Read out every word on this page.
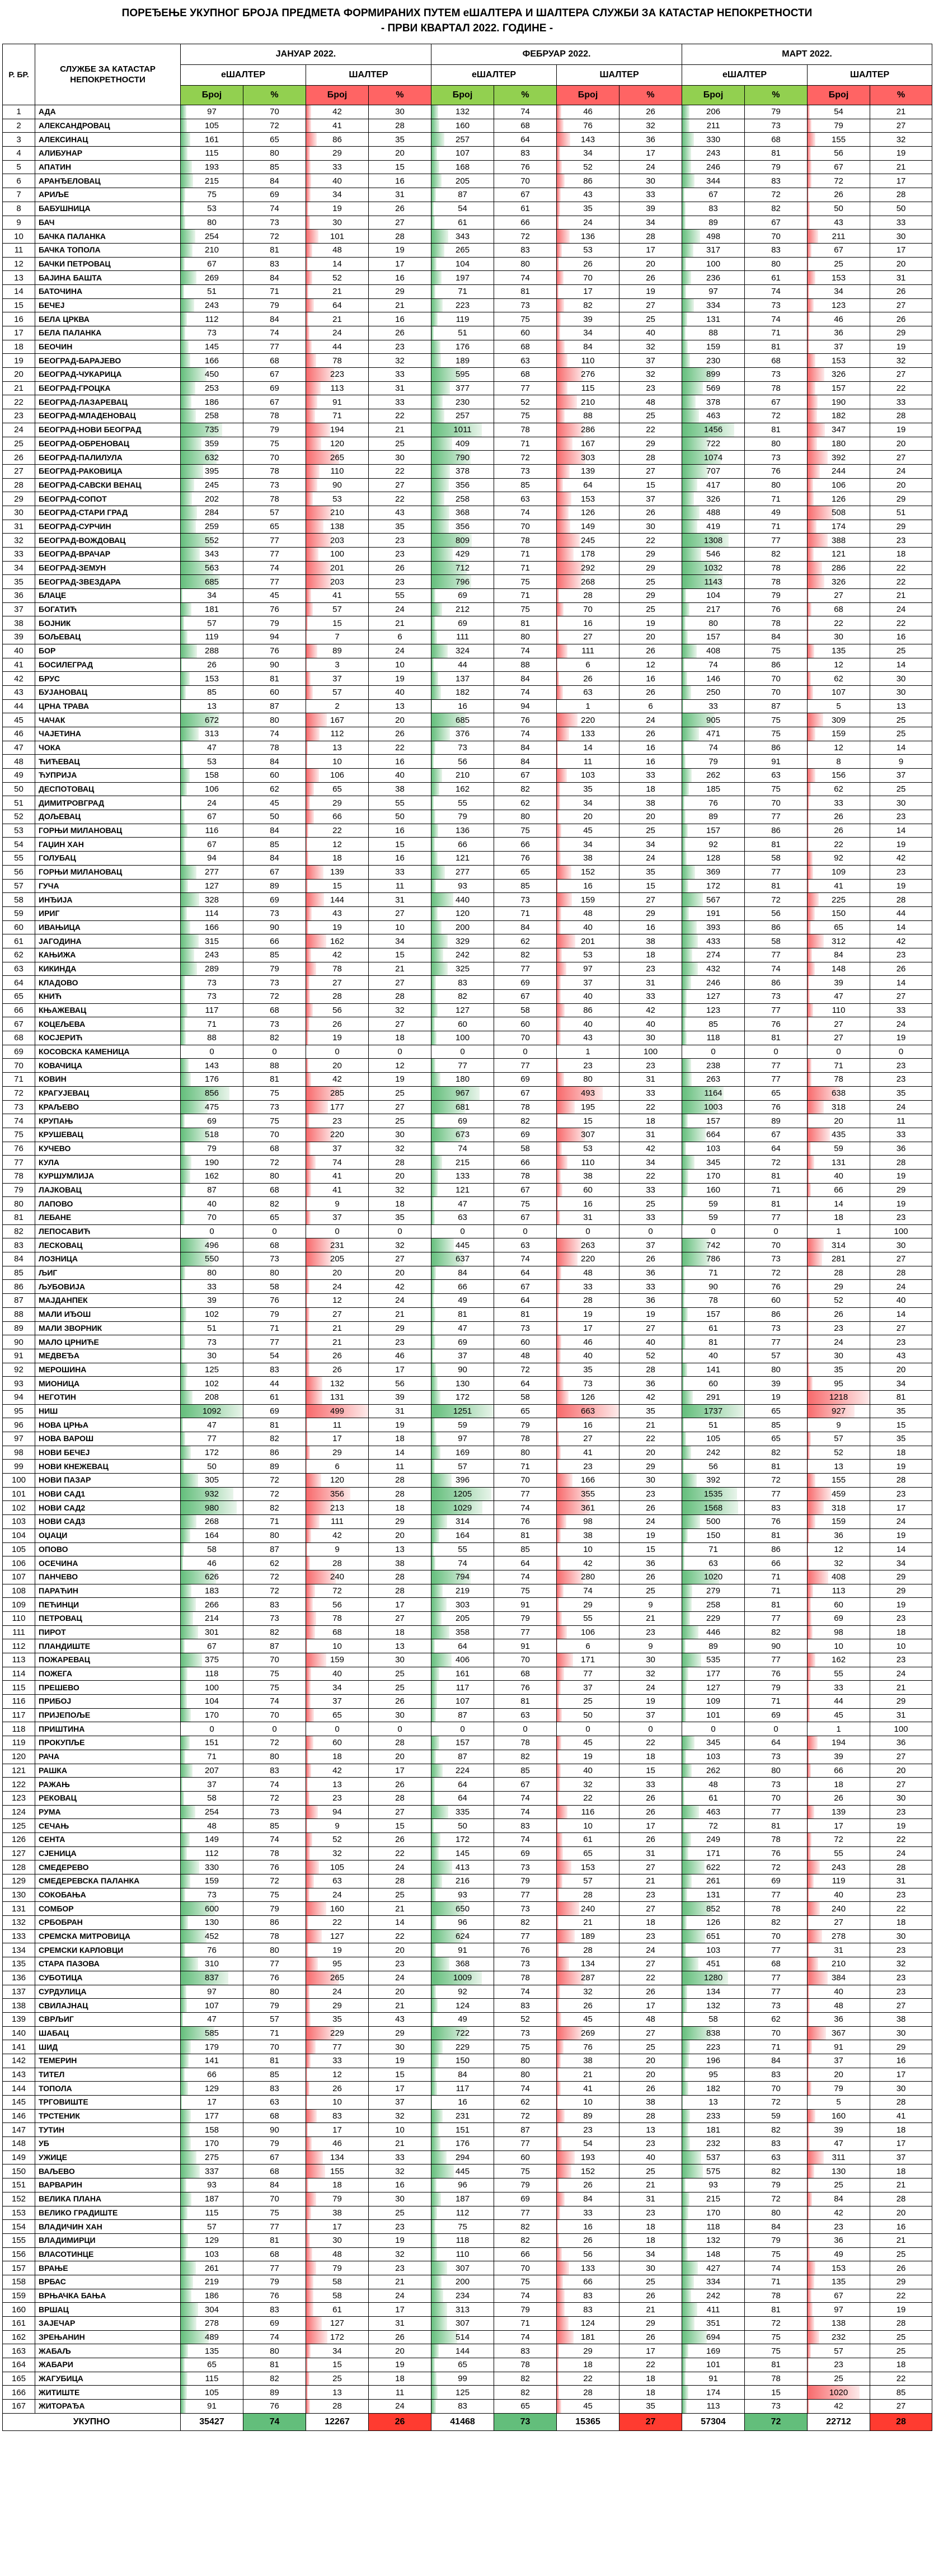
ПОРЕЂЕЊЕ УКУПНОГ БРОЈА ПРЕДМЕТА ФОРМИРАНИХ ПУТЕМ еШАЛТЕРА И ШАЛТЕРА СЛУЖБИ ЗА КАТАСТАР НЕПОКРЕТНОСТИ
- ПРВИ КВАРТАЛ 2022. ГОДИНЕ -
Р. БР.	СЛУЖБЕ ЗА КАТАСТАР НЕПОКРЕТНОСТИ	ЈАНУАР 2022.				ФЕБРУАР 2022.				МАРТ 2022.			
		еШАЛТЕР		ШАЛТЕР		еШАЛТЕР		ШАЛТЕР		еШАЛТЕР		ШАЛТЕР	
		Број	%	Број	%	Број	%	Број	%	Број	%	Број	%
1	АДА	97	70	42	30	132	74	46	26	206	79	54	21
2	АЛЕКСАНДРОВАЦ	105	72	41	28	160	68	76	32	211	73	79	27
3	АЛЕКСИНАЦ	161	65	86	35	257	64	143	36	330	68	155	32
4	АЛИБУНАР	115	80	29	20	107	83	34	17	243	81	56	19
5	АПАТИН	193	85	33	15	168	76	52	24	246	79	67	21
6	АРАНЂЕЛОВАЦ	215	84	40	16	205	70	86	30	344	83	72	17
7	АРИЉЕ	75	69	34	31	87	67	43	33	67	72	26	28
8	БАБУШНИЦА	53	74	19	26	54	61	35	39	83	82	50	50
9	БАЧ	80	73	30	27	61	66	24	34	89	67	43	33
10	БАЧКА ПАЛАНКА	254	72	101	28	343	72	136	28	498	70	211	30
11	БАЧКА ТОПОЛА	210	81	48	19	265	83	53	17	317	83	67	17
12	БАЧКИ ПЕТРОВАЦ	67	83	14	17	104	80	26	20	100	80	25	20
13	БАЈИНА БАШТА	269	84	52	16	197	74	70	26	236	61	153	31
14	БАТОЧИНА	51	71	21	29	71	81	17	19	97	74	34	26
15	БЕЧЕЈ	243	79	64	21	223	73	82	27	334	73	123	27
16	БЕЛА ЦРКВА	112	84	21	16	119	75	39	25	131	74	46	26
17	БЕЛА ПАЛАНКА	73	74	24	26	51	60	34	40	88	71	36	29
18	БЕОЧИН	145	77	44	23	176	68	84	32	159	81	37	19
19	БЕОГРАД-БАРАЈЕВО	166	68	78	32	189	63	110	37	230	68	153	32
20	БЕОГРАД-ЧУКАРИЦА	450	67	223	33	595	68	276	32	899	73	326	27
21	БЕОГРАД-ГРОЦКА	253	69	113	31	377	77	115	23	569	78	157	22
22	БЕОГРАД-ЛАЗАРЕВАЦ	186	67	91	33	230	52	210	48	378	67	190	33
23	БЕОГРАД-МЛАДЕНОВАЦ	258	78	71	22	257	75	88	25	463	72	182	28
24	БЕОГРАД-НОВИ БЕОГРАД	735	79	194	21	1011	78	286	22	1456	81	347	19
25	БЕОГРАД-ОБРЕНОВАЦ	359	75	120	25	409	71	167	29	722	80	180	20
26	БЕОГРАД-ПАЛИЛУЛА	632	70	265	30	790	72	303	28	1074	73	392	27
27	БЕОГРАД-РАКОВИЦА	395	78	110	22	378	73	139	27	707	76	244	24
28	БЕОГРАД-САВСКИ ВЕНАЦ	245	73	90	27	356	85	64	15	417	80	106	20
29	БЕОГРАД-СОПОТ	202	78	53	22	258	63	153	37	326	71	126	29
30	БЕОГРАД-СТАРИ ГРАД	284	57	210	43	368	74	126	26	488	49	508	51
31	БЕОГРАД-СУРЧИН	259	65	138	35	356	70	149	30	419	71	174	29
32	БЕОГРАД-ВОЖДОВАЦ	552	77	203	23	809	78	245	22	1308	77	388	23
33	БЕОГРАД-ВРАЧАР	343	77	100	23	429	71	178	29	546	82	121	18
34	БЕОГРАД-ЗЕМУН	563	74	201	26	712	71	292	29	1032	78	286	22
35	БЕОГРАД-ЗВЕЗДАРА	685	77	203	23	796	75	268	25	1143	78	326	22
36	БЛАЦЕ	34	45	41	55	69	71	28	29	104	79	27	21
37	БОГАТИЋ	181	76	57	24	212	75	70	25	217	76	68	24
38	БОЈНИК	57	79	15	21	69	81	16	19	80	78	22	22
39	БОЉЕВАЦ	119	94	7	6	111	80	27	20	157	84	30	16
40	БОР	288	76	89	24	324	74	111	26	408	75	135	25
41	БОСИЛЕГРАД	26	90	3	10	44	88	6	12	74	86	12	14
42	БРУС	153	81	37	19	137	84	26	16	146	70	62	30
43	БУЈАНОВАЦ	85	60	57	40	182	74	63	26	250	70	107	30
44	ЦРНА ТРАВА	13	87	2	13	16	94	1	6	33	87	5	13
45	ЧАЧАК	672	80	167	20	685	76	220	24	905	75	309	25
46	ЧАЈЕТИНА	313	74	112	26	376	74	133	26	471	75	159	25
47	ЧОКА	47	78	13	22	73	84	14	16	74	86	12	14
48	ЋИЋЕВАЦ	53	84	10	16	56	84	11	16	79	91	8	9
49	ЋУПРИЈА	158	60	106	40	210	67	103	33	262	63	156	37
50	ДЕСПОТОВАЦ	106	62	65	38	162	82	35	18	185	75	62	25
51	ДИМИТРОВГРАД	24	45	29	55	55	62	34	38	76	70	33	30
52	ДОЉЕВАЦ	67	50	66	50	79	80	20	20	89	77	26	23
53	ГОРЊИ МИЛАНОВАЦ	116	84	22	16	136	75	45	25	157	86	26	14
54	ГАЏИН ХАН	67	85	12	15	66	66	34	34	92	81	22	19
55	ГОЛУБАЦ	94	84	18	16	121	76	38	24	128	58	92	42
56	ГОРЊИ МИЛАНОВАЦ	277	67	139	33	277	65	152	35	369	77	109	23
57	ГУЧА	127	89	15	11	93	85	16	15	172	81	41	19
58	ИНЂИЈА	328	69	144	31	440	73	159	27	567	72	225	28
59	ИРИГ	114	73	43	27	120	71	48	29	191	56	150	44
60	ИВАЊИЦА	166	90	19	10	200	84	40	16	393	86	65	14
61	ЈАГОДИНА	315	66	162	34	329	62	201	38	433	58	312	42
62	КАЊИЖА	243	85	42	15	242	82	53	18	274	77	84	23
63	КИКИНДА	289	79	78	21	325	77	97	23	432	74	148	26
64	КЛАДОВО	73	73	27	27	83	69	37	31	246	86	39	14
65	КНИЋ	73	72	28	28	82	67	40	33	127	73	47	27
66	КЊАЖЕВАЦ	117	68	56	32	127	58	86	42	123	77	110	33
67	КОЦЕЉЕВА	71	73	26	27	60	60	40	40	85	76	27	24
68	КОСЈЕРИЋ	88	82	19	18	100	70	43	30	118	81	27	19
69	КОСОВСКА КАМЕНИЦА	0	0	0	0	0	0	1	100	0	0	0	0
70	КОВАЧИЦА	143	88	20	12	77	77	23	23	238	77	71	23
71	КОВИН	176	81	42	19	180	69	80	31	263	77	78	23
72	КРАГУЈЕВАЦ	856	75	285	25	967	67	493	33	1164	65	638	35
73	КРАЉЕВО	475	73	177	27	681	78	195	22	1003	76	318	24
74	КРУПАЊ	69	75	23	25	69	82	15	18	157	89	20	11
75	КРУШЕВАЦ	518	70	220	30	673	69	307	31	664	67	435	33
76	КУЧЕВО	79	68	37	32	74	58	53	42	103	64	59	36
77	КУЛА	190	72	74	28	215	66	110	34	345	72	131	28
78	КУРШУМЛИЈА	162	80	41	20	133	78	38	22	170	81	40	19
79	ЛАЈКОВАЦ	87	68	41	32	121	67	60	33	160	71	66	29
80	ЛАПОВО	40	82	9	18	47	75	16	25	59	81	14	19
81	ЛЕБАНЕ	70	65	37	35	63	67	31	33	59	77	18	23
82	ЛЕПОСАВИЋ	0	0	0	0	0	0	0	0	0	0	1	100
83	ЛЕСКОВАЦ	496	68	231	32	445	63	263	37	742	70	314	30
84	ЛОЗНИЦА	550	73	205	27	637	74	220	26	786	73	281	27
85	ЉИГ	80	80	20	20	84	64	48	36	71	72	28	28
86	ЉУБОВИЈА	33	58	24	42	66	67	33	33	90	76	29	24
87	МАЈДАНПЕК	39	76	12	24	49	64	28	36	78	60	52	40
88	МАЛИ ИЂОШ	102	79	27	21	81	81	19	19	157	86	26	14
89	МАЛИ ЗВОРНИК	51	71	21	29	47	73	17	27	61	73	23	27
90	МАЛО ЦРНИЋЕ	73	77	21	23	69	60	46	40	81	77	24	23
91	МЕДВЕЂА	30	54	26	46	37	48	40	52	40	57	30	43
92	МЕРОШИНА	125	83	26	17	90	72	35	28	141	80	35	20
93	МИОНИЦА	102	44	132	56	130	64	73	36	60	39	95	34
94	НЕГОТИН	208	61	131	39	172	58	126	42	291	19	1218	81
95	НИШ	1092	69	499	31	1251	65	663	35	1737	65	927	35
96	НОВА ЦРЊА	47	81	11	19	59	79	16	21	51	85	9	15
97	НОВА ВАРОШ	77	82	17	18	97	78	27	22	105	65	57	35
98	НОВИ БЕЧЕЈ	172	86	29	14	169	80	41	20	242	82	52	18
99	НОВИ КНЕЖЕВАЦ	50	89	6	11	57	71	23	29	56	81	13	19
100	НОВИ ПАЗАР	305	72	120	28	396	70	166	30	392	72	155	28
101	НОВИ САД1	932	72	356	28	1205	77	355	23	1535	77	459	23
102	НОВИ САД2	980	82	213	18	1029	74	361	26	1568	83	318	17
103	НОВИ САД3	268	71	111	29	314	76	98	24	500	76	159	24
104	ОЏАЦИ	164	80	42	20	164	81	38	19	150	81	36	19
105	ОПОВО	58	87	9	13	55	85	10	15	71	86	12	14
106	ОСЕЧИНА	46	62	28	38	74	64	42	36	63	66	32	34
107	ПАНЧЕВО	626	72	240	28	794	74	280	26	1020	71	408	29
108	ПАРАЋИН	183	72	72	28	219	75	74	25	279	71	113	29
109	ПЕЋИНЦИ	266	83	56	17	303	91	29	9	258	81	60	19
110	ПЕТРОВАЦ	214	73	78	27	205	79	55	21	229	77	69	23
111	ПИРОТ	301	82	68	18	358	77	106	23	446	82	98	18
112	ПЛАНДИШТЕ	67	87	10	13	64	91	6	9	89	90	10	10
113	ПОЖАРЕВАЦ	375	70	159	30	406	70	171	30	535	77	162	23
114	ПОЖЕГА	118	75	40	25	161	68	77	32	177	76	55	24
115	ПРЕШЕВО	100	75	34	25	117	76	37	24	127	79	33	21
116	ПРИБОЈ	104	74	37	26	107	81	25	19	109	71	44	29
117	ПРИЈЕПОЉЕ	170	70	65	30	87	63	50	37	101	69	45	31
118	ПРИШТИНА	0	0	0	0	0	0	0	0	0	0	1	100
119	ПРОКУПЉЕ	151	72	60	28	157	78	45	22	345	64	194	36
120	РАЧА	71	80	18	20	87	82	19	18	103	73	39	27
121	РАШКА	207	83	42	17	224	85	40	15	262	80	66	20
122	РАЖАЊ	37	74	13	26	64	67	32	33	48	73	18	27
123	РЕКОВАЦ	58	72	23	28	64	74	22	26	61	70	26	30
124	РУМА	254	73	94	27	335	74	116	26	463	77	139	23
125	СЕЧАЊ	48	85	9	15	50	83	10	17	72	81	17	19
126	СЕНТА	149	74	52	26	172	74	61	26	249	78	72	22
127	СЈЕНИЦА	112	78	32	22	145	69	65	31	171	76	55	24
128	СМЕДЕРЕВО	330	76	105	24	413	73	153	27	622	72	243	28
129	СМЕДЕРЕВСКА ПАЛАНКА	159	72	63	28	216	79	57	21	261	69	119	31
130	СОКОБАЊА	73	75	24	25	93	77	28	23	131	77	40	23
131	СОМБОР	600	79	160	21	650	73	240	27	852	78	240	22
132	СРБОБРАН	130	86	22	14	96	82	21	18	126	82	27	18
133	СРЕМСКА МИТРОВИЦА	452	78	127	22	624	77	189	23	651	70	278	30
134	СРЕМСКИ КАРЛОВЦИ	76	80	19	20	91	76	28	24	103	77	31	23
135	СТАРА ПАЗОВА	310	77	95	23	368	73	134	27	451	68	210	32
136	СУБОТИЦА	837	76	265	24	1009	78	287	22	1280	77	384	23
137	СУРДУЛИЦА	97	80	24	20	92	74	32	26	134	77	40	23
138	СВИЛАЈНАЦ	107	79	29	21	124	83	26	17	132	73	48	27
139	СВРЉИГ	47	57	35	43	49	52	45	48	58	62	36	38
140	ШАБАЦ	585	71	229	29	722	73	269	27	838	70	367	30
141	ШИД	179	70	77	30	229	75	76	25	223	71	91	29
142	ТЕМЕРИН	141	81	33	19	150	80	38	20	196	84	37	16
143	ТИТЕЛ	66	85	12	15	84	80	21	20	95	83	20	17
144	ТОПОЛА	129	83	26	17	117	74	41	26	182	70	79	30
145	ТРГОВИШТЕ	17	63	10	37	16	62	10	38	13	72	5	28
146	ТРСТЕНИК	177	68	83	32	231	72	89	28	233	59	160	41
147	ТУТИН	158	90	17	10	151	87	23	13	181	82	39	18
148	УБ	170	79	46	21	176	77	54	23	232	83	47	17
149	УЖИЦЕ	275	67	134	33	294	60	193	40	537	63	311	37
150	ВАЉЕВО	337	68	155	32	445	75	152	25	575	82	130	18
151	ВАРВАРИН	93	84	18	16	96	79	26	21	93	79	25	21
152	ВЕЛИКА ПЛАНА	187	70	79	30	187	69	84	31	215	72	84	28
153	ВЕЛИКО ГРАДИШТЕ	115	75	38	25	112	77	33	23	170	80	42	20
154	ВЛАДИЧИН ХАН	57	77	17	23	75	82	16	18	118	84	23	16
155	ВЛАДИМИРЦИ	129	81	30	19	118	82	26	18	132	79	36	21
156	ВЛАСОТИНЦЕ	103	68	48	32	110	66	56	34	148	75	49	25
157	ВРАЊЕ	261	77	79	23	307	70	133	30	427	74	153	26
158	ВРБАС	219	79	58	21	200	75	66	25	334	71	135	29
159	ВРЊАЧКА БАЊА	186	76	58	24	234	74	83	26	242	78	67	22
160	ВРШАЦ	304	83	61	17	313	79	83	21	411	81	97	19
161	ЗАЈЕЧАР	278	69	127	31	307	71	124	29	351	72	138	28
162	ЗРЕЊАНИН	489	74	172	26	514	74	181	26	694	75	232	25
163	ЖАБАЉ	135	80	34	20	144	83	29	17	169	75	57	25
164	ЖАБАРИ	65	81	15	19	65	78	18	22	101	81	23	18
165	ЖАГУБИЦА	115	82	25	18	99	82	22	18	91	78	25	22
166	ЖИТИШТЕ	105	89	13	11	125	82	28	18	174	15	1020	85
167	ЖИТОРАЂА	91	76	28	24	83	65	45	35	113	73	42	27
УКУПНО		35427	74	12267	26	41468	73	15365	27	57304	72	22712	28
